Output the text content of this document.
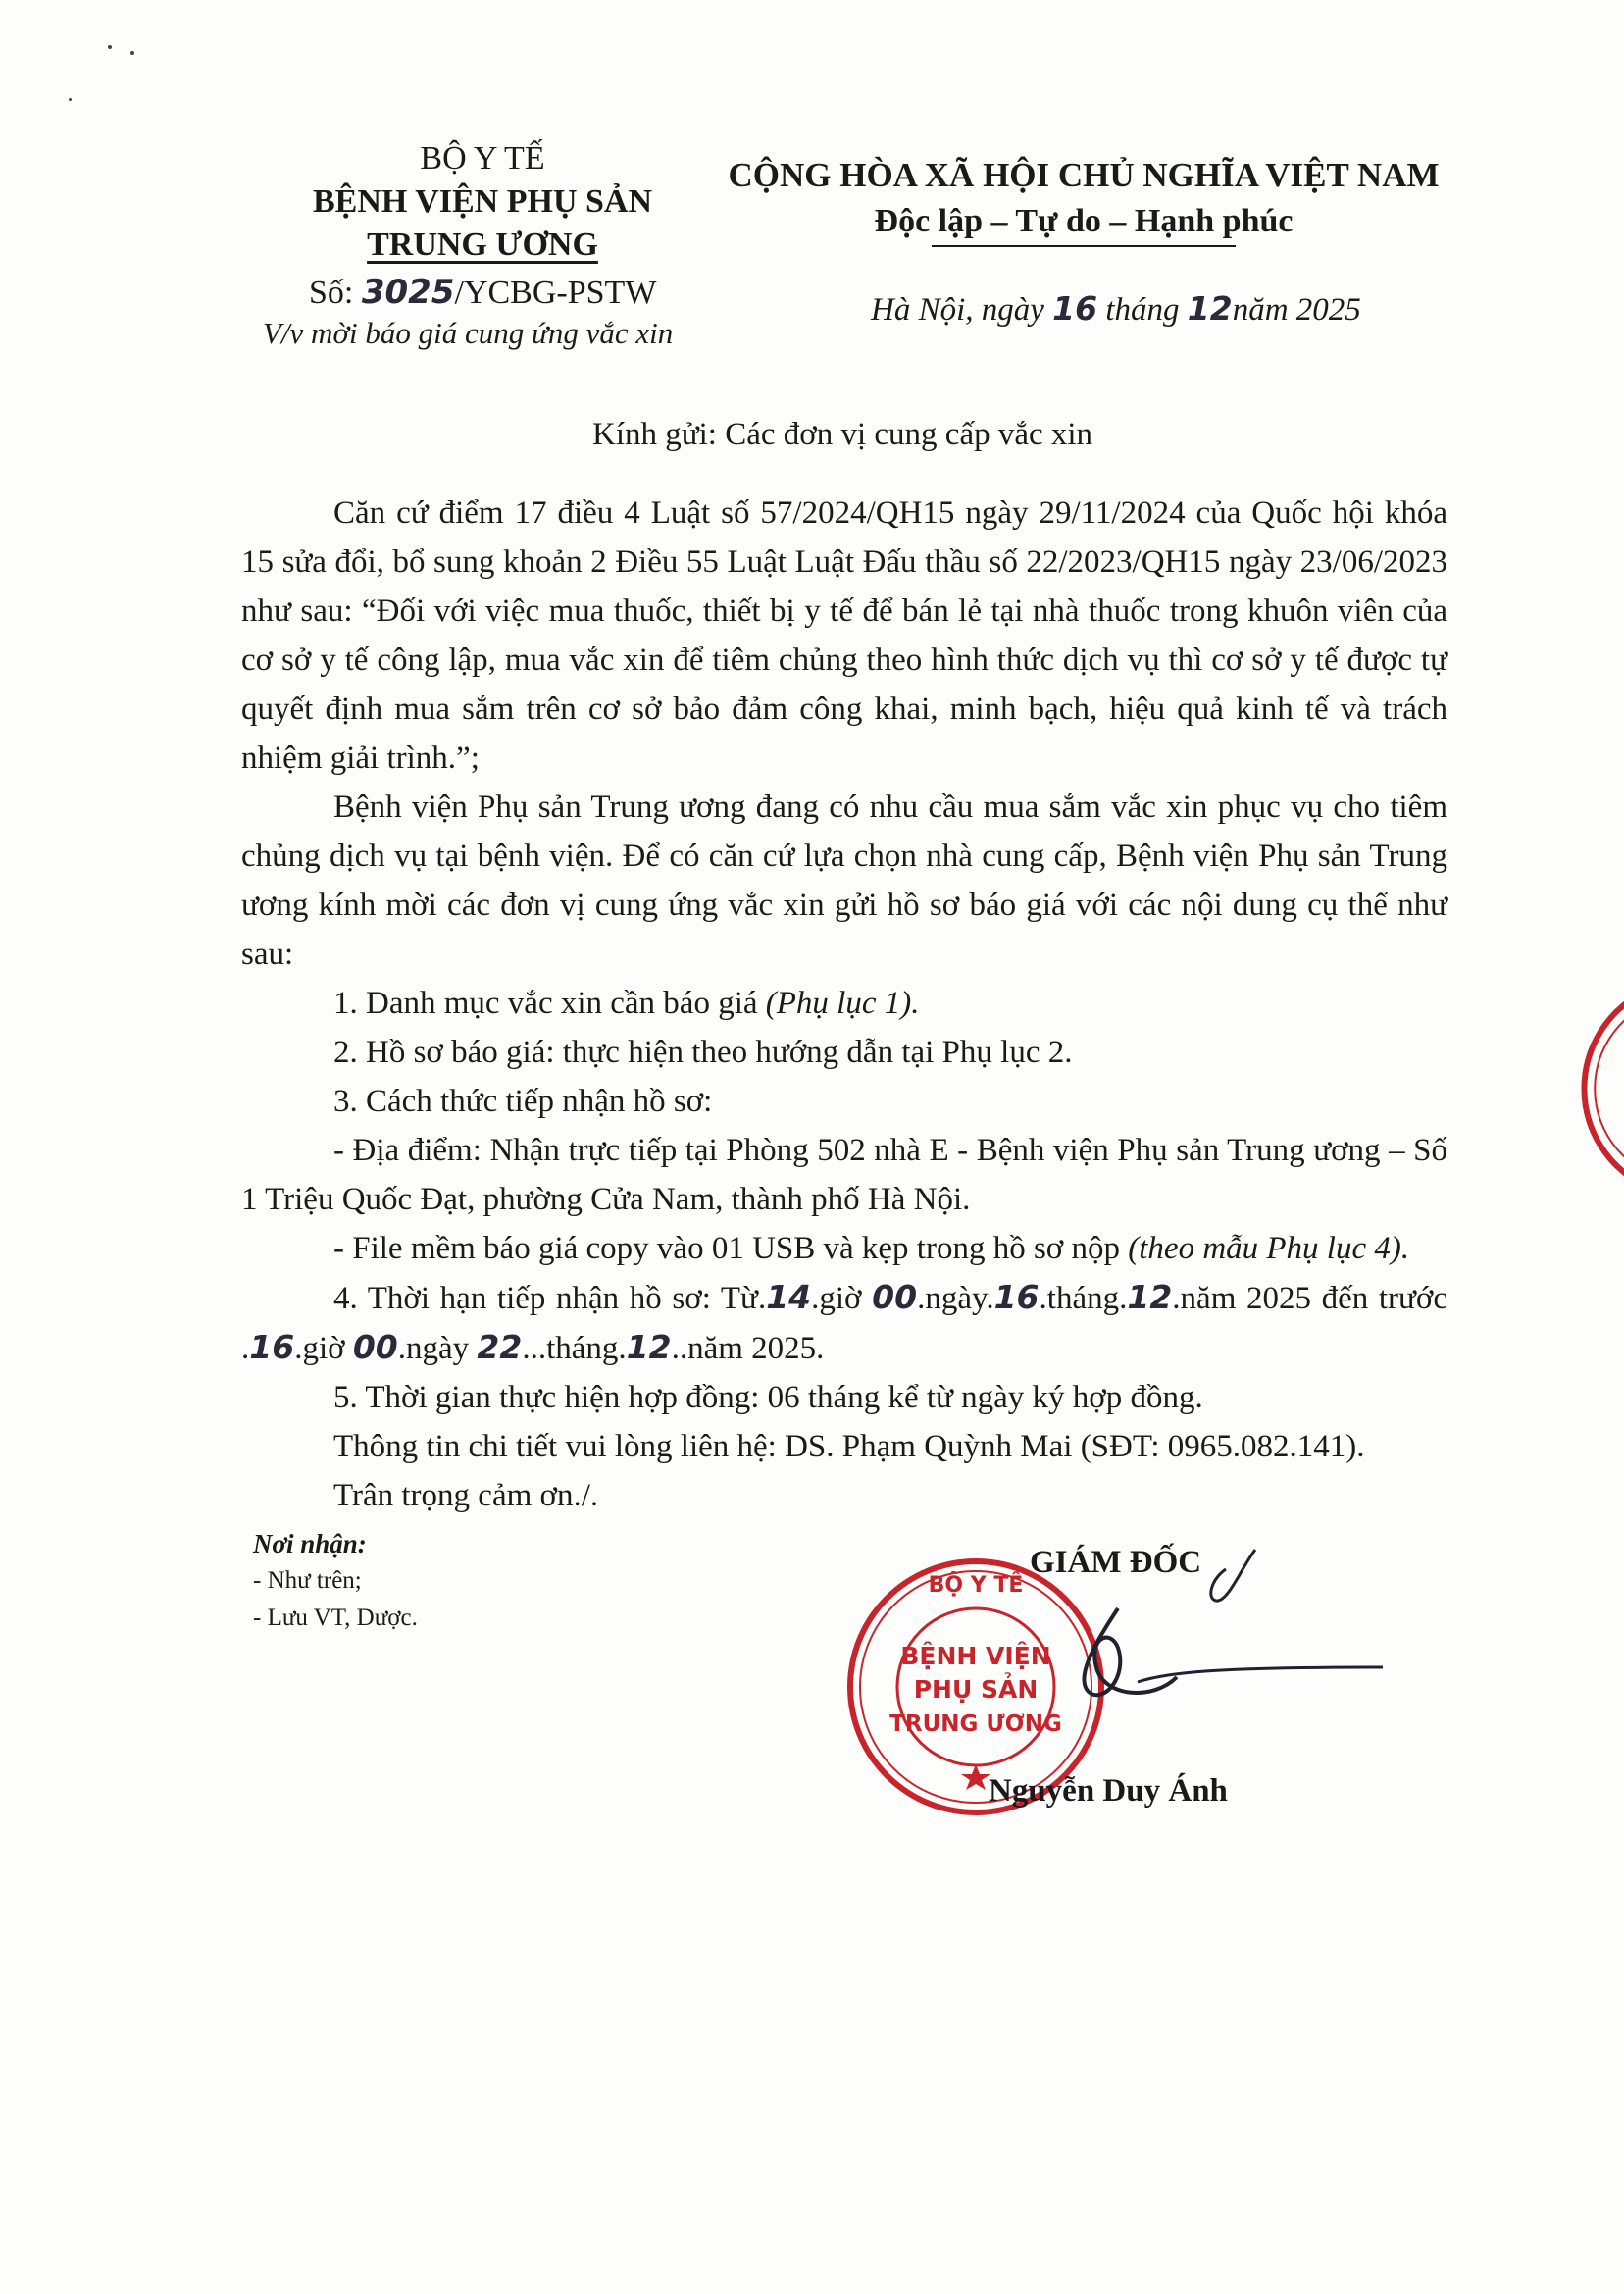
BỘ Y TẾ
BỆNH VIỆN PHỤ SẢN
TRUNG ƯƠNG
Số: 3025/YCBG-PSTW
V/v mời báo giá cung ứng vắc xin
CỘNG HÒA XÃ HỘI CHỦ NGHĨA VIỆT NAM
Độc lập – Tự do – Hạnh phúc
Hà Nội, ngày 16 tháng 12năm 2025
Kính gửi: Các đơn vị cung cấp vắc xin

Căn cứ điểm 17 điều 4 Luật số 57/2024/QH15 ngày 29/11/2024 của Quốc hội khóa 15 sửa đổi, bổ sung khoản 2 Điều 55 Luật Luật Đấu thầu số 22/2023/QH15 ngày 23/06/2023 như sau: “Đối với việc mua thuốc, thiết bị y tế để bán lẻ tại nhà thuốc trong khuôn viên của cơ sở y tế công lập, mua vắc xin để tiêm chủng theo hình thức dịch vụ thì cơ sở y tế được tự quyết định mua sắm trên cơ sở bảo đảm công khai, minh bạch, hiệu quả kinh tế và trách nhiệm giải trình.”;

Bệnh viện Phụ sản Trung ương đang có nhu cầu mua sắm vắc xin phục vụ cho tiêm chủng dịch vụ tại bệnh viện. Để có căn cứ lựa chọn nhà cung cấp, Bệnh viện Phụ sản Trung ương kính mời các đơn vị cung ứng vắc xin gửi hồ sơ báo giá với các nội dung cụ thể như sau:

1. Danh mục vắc xin cần báo giá (Phụ lục 1).

2. Hồ sơ báo giá: thực hiện theo hướng dẫn tại Phụ lục 2.

3. Cách thức tiếp nhận hồ sơ:

- Địa điểm: Nhận trực tiếp tại Phòng 502 nhà E - Bệnh viện Phụ sản Trung ương – Số 1 Triệu Quốc Đạt, phường Cửa Nam, thành phố Hà Nội.

- File mềm báo giá copy vào 01 USB và kẹp trong hồ sơ nộp (theo mẫu Phụ lục 4).

4. Thời hạn tiếp nhận hồ sơ: Từ.14.giờ 00.ngày.16.tháng.12.năm 2025 đến trước .16.giờ 00.ngày 22...tháng.12..năm 2025.

5. Thời gian thực hiện hợp đồng: 06 tháng kể từ ngày ký hợp đồng.

Thông tin chi tiết vui lòng liên hệ: DS. Phạm Quỳnh Mai (SĐT: 0965.082.141).

Trân trọng cảm ơn./.

Nơi nhận:
- Như trên;
- Lưu VT, Dược.
BỘ Y TẾ
BỆNH VIỆN
PHỤ SẢN
TRUNG ƯƠNG
GIÁM ĐỐC
Nguyễn Duy Ánh
